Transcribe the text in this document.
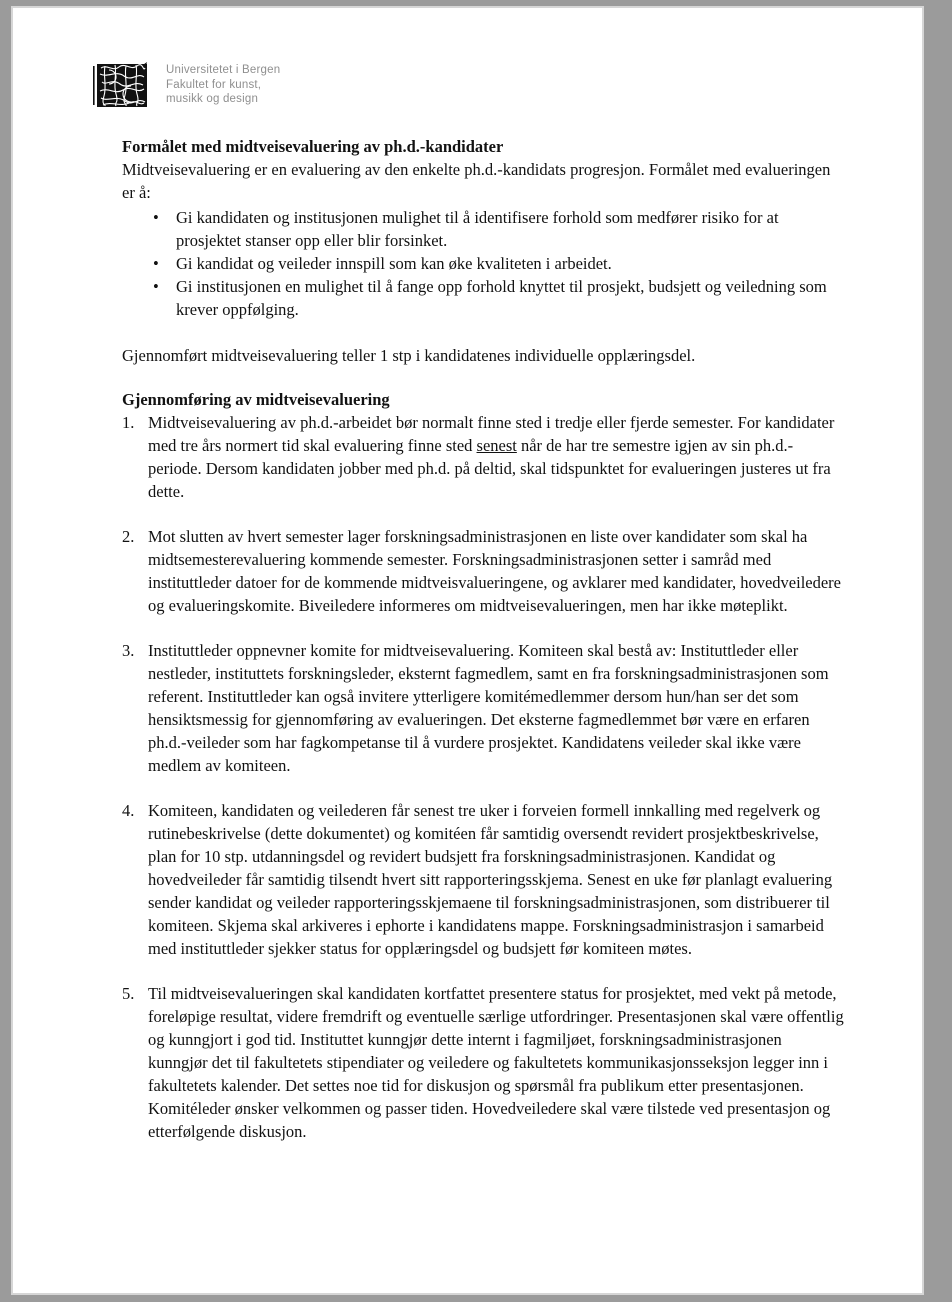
Universitetet i Bergen
Fakultet for kunst,
musikk og design
Formålet med midtveisevaluering av ph.d.-kandidater

Midtveisevaluering er en evaluering av den enkelte ph.d.-kandidats progresjon. Formålet med evalueringen er å:

• Gi kandidaten og institusjonen mulighet til å identifisere forhold som medfører risiko for at prosjektet stanser opp eller blir forsinket.
• Gi kandidat og veileder innspill som kan øke kvaliteten i arbeidet.
• Gi institusjonen en mulighet til å fange opp forhold knyttet til prosjekt, budsjett og veiledning som krever oppfølging.

Gjennomført midtveisevaluering teller 1 stp i kandidatenes individuelle opplæringsdel.

Gjennomføring av midtveisevaluering
1. Midtveisevaluering av ph.d.-arbeidet bør normalt finne sted i tredje eller fjerde semester. For kandidater med tre års normert tid skal evaluering finne sted senest når de har tre semestre igjen av sin ph.d.-periode. Dersom kandidaten jobber med ph.d. på deltid, skal tidspunktet for evalueringen justeres ut fra dette.
2. Mot slutten av hvert semester lager forskningsadministrasjonen en liste over kandidater som skal ha midtsemesterevaluering kommende semester. Forskningsadministrasjonen setter i samråd med instituttleder datoer for de kommende midtveisvalueringene, og avklarer med kandidater, hovedveiledere og evalueringskomite. Biveiledere informeres om midtveisevalueringen, men har ikke møteplikt.
3. Instituttleder oppnevner komite for midtveisevaluering. Komiteen skal bestå av: Instituttleder eller nestleder, instituttets forskningsleder, eksternt fagmedlem, samt en fra forskningsadministrasjonen som referent. Instituttleder kan også invitere ytterligere komitémedlemmer dersom hun/han ser det som hensiktsmessig for gjennomføring av evalueringen. Det eksterne fagmedlemmet bør være en erfaren ph.d.-veileder som har fagkompetanse til å vurdere prosjektet. Kandidatens veileder skal ikke være medlem av komiteen.
4. Komiteen, kandidaten og veilederen får senest tre uker i forveien formell innkalling med regelverk og rutinebeskrivelse (dette dokumentet) og komitéen får samtidig oversendt revidert prosjektbeskrivelse, plan for 10 stp. utdanningsdel og revidert budsjett fra forskningsadministrasjonen. Kandidat og hovedveileder får samtidig tilsendt hvert sitt rapporteringsskjema. Senest en uke før planlagt evaluering sender kandidat og veileder rapporteringsskjemaene til forskningsadministrasjonen, som distribuerer til komiteen. Skjema skal arkiveres i ephorte i kandidatens mappe. Forskningsadministrasjon i samarbeid med instituttleder sjekker status for opplæringsdel og budsjett før komiteen møtes.
5. Til midtveisevalueringen skal kandidaten kortfattet presentere status for prosjektet, med vekt på metode, foreløpige resultat, videre fremdrift og eventuelle særlige utfordringer. Presentasjonen skal være offentlig og kunngjort i god tid. Instituttet kunngjør dette internt i fagmiljøet, forskningsadministrasjonen kunngjør det til fakultetets stipendiater og veiledere og fakultetets kommunikasjonsseksjon legger inn i fakultetets kalender. Det settes noe tid for diskusjon og spørsmål fra publikum etter presentasjonen. Komitéleder ønsker velkommen og passer tiden. Hovedveiledere skal være tilstede ved presentasjon og etterfølgende diskusjon.
